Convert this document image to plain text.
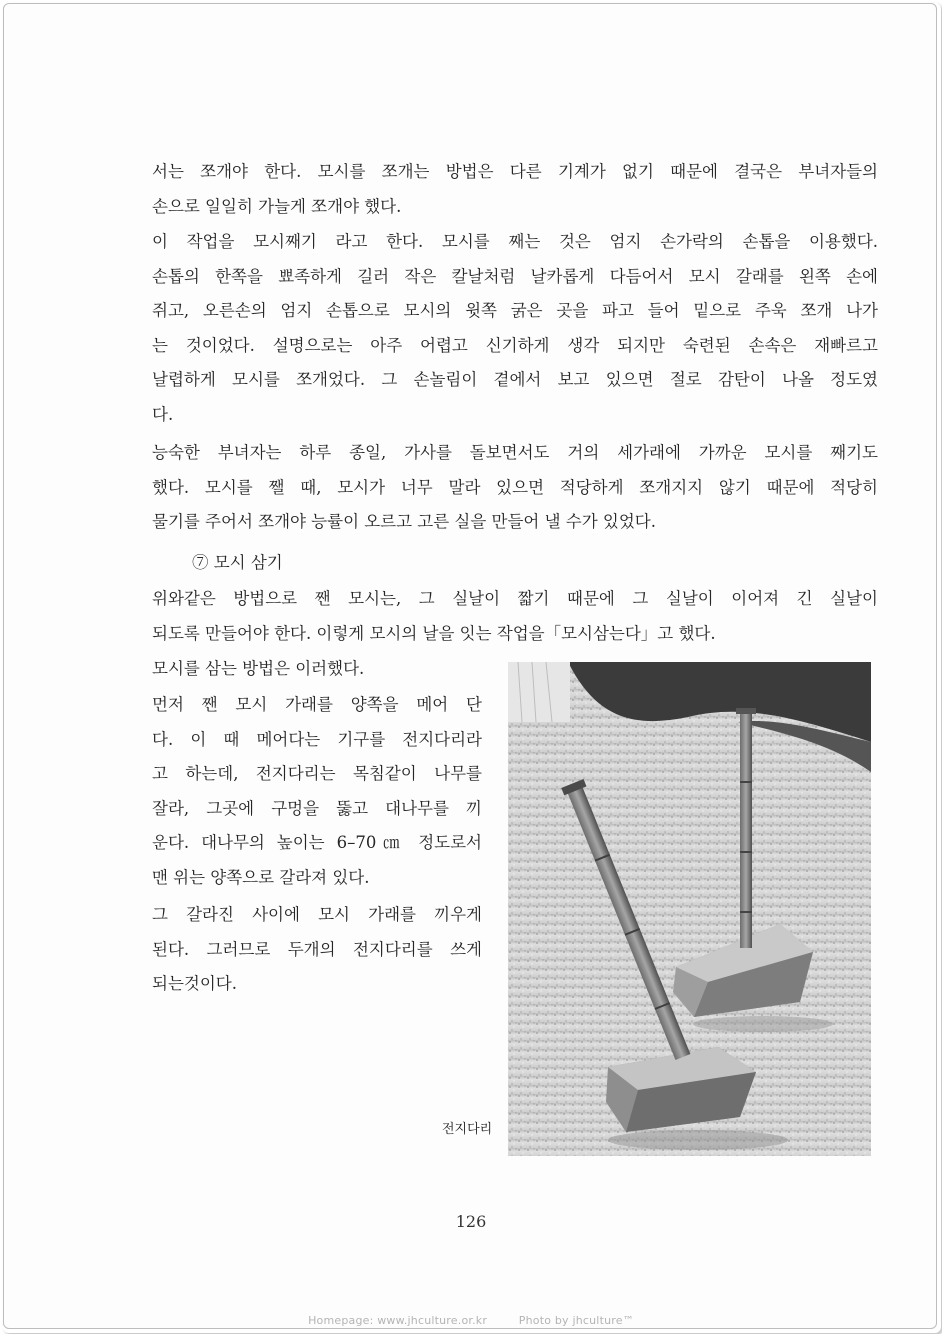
서는 쪼개야 한다. 모시를 쪼개는 방법은 다른 기계가 없기 때문에 결국은 부녀자들의
손으로 일일히 가늘게 쪼개야 했다.

이 작업을 모시째기 라고 한다. 모시를 째는 것은 엄지 손가락의 손톱을 이용했다.
손톱의 한쪽을 뾰족하게 길러 작은 칼날처럼 날카롭게 다듬어서 모시 갈래를 왼쪽 손에
쥐고, 오른손의 엄지 손톱으로 모시의 윗쪽 굵은 곳을 파고 들어 밑으로 주욱 쪼개 나가
는 것이었다. 설명으로는 아주 어렵고 신기하게 생각 되지만 숙련된 손속은 재빠르고
날렵하게 모시를 쪼개었다. 그 손놀림이 곁에서 보고 있으면 절로 감탄이 나올 정도였
다.

능숙한 부녀자는 하루 종일, 가사를 돌보면서도 거의 세가래에 가까운 모시를 째기도
했다. 모시를 쨀 때, 모시가 너무 말라 있으면 적당하게 쪼개지지 않기 때문에 적당히
물기를 주어서 쪼개야 능률이 오르고 고른 실을 만들어 낼 수가 있었다.

⑦ 모시 삼기

위와같은 방법으로 짼 모시는, 그 실날이 짧기 때문에 그 실날이 이어져 긴 실날이
되도록 만들어야 한다. 이렇게 모시의 날을 잇는 작업을「모시삼는다」고 했다.

모시를 삼는 방법은 이러했다.

먼저 짼 모시 가래를 양쪽을 메어 단
다. 이 때 메어다는 기구를 전지다리라
고 하는데, 전지다리는 목침같이 나무를
잘라, 그곳에 구멍을 뚫고 대나무를 끼
운다. 대나무의 높이는 6–70㎝ 정도로서
맨 위는 양쪽으로 갈라져 있다.

그 갈라진 사이에 모시 가래를 끼우게
된다. 그러므로 두개의 전지다리를 쓰게
되는것이다.

전지다리
126
Homepage: www.jhculture.or.kr	Photo by jhculture™
